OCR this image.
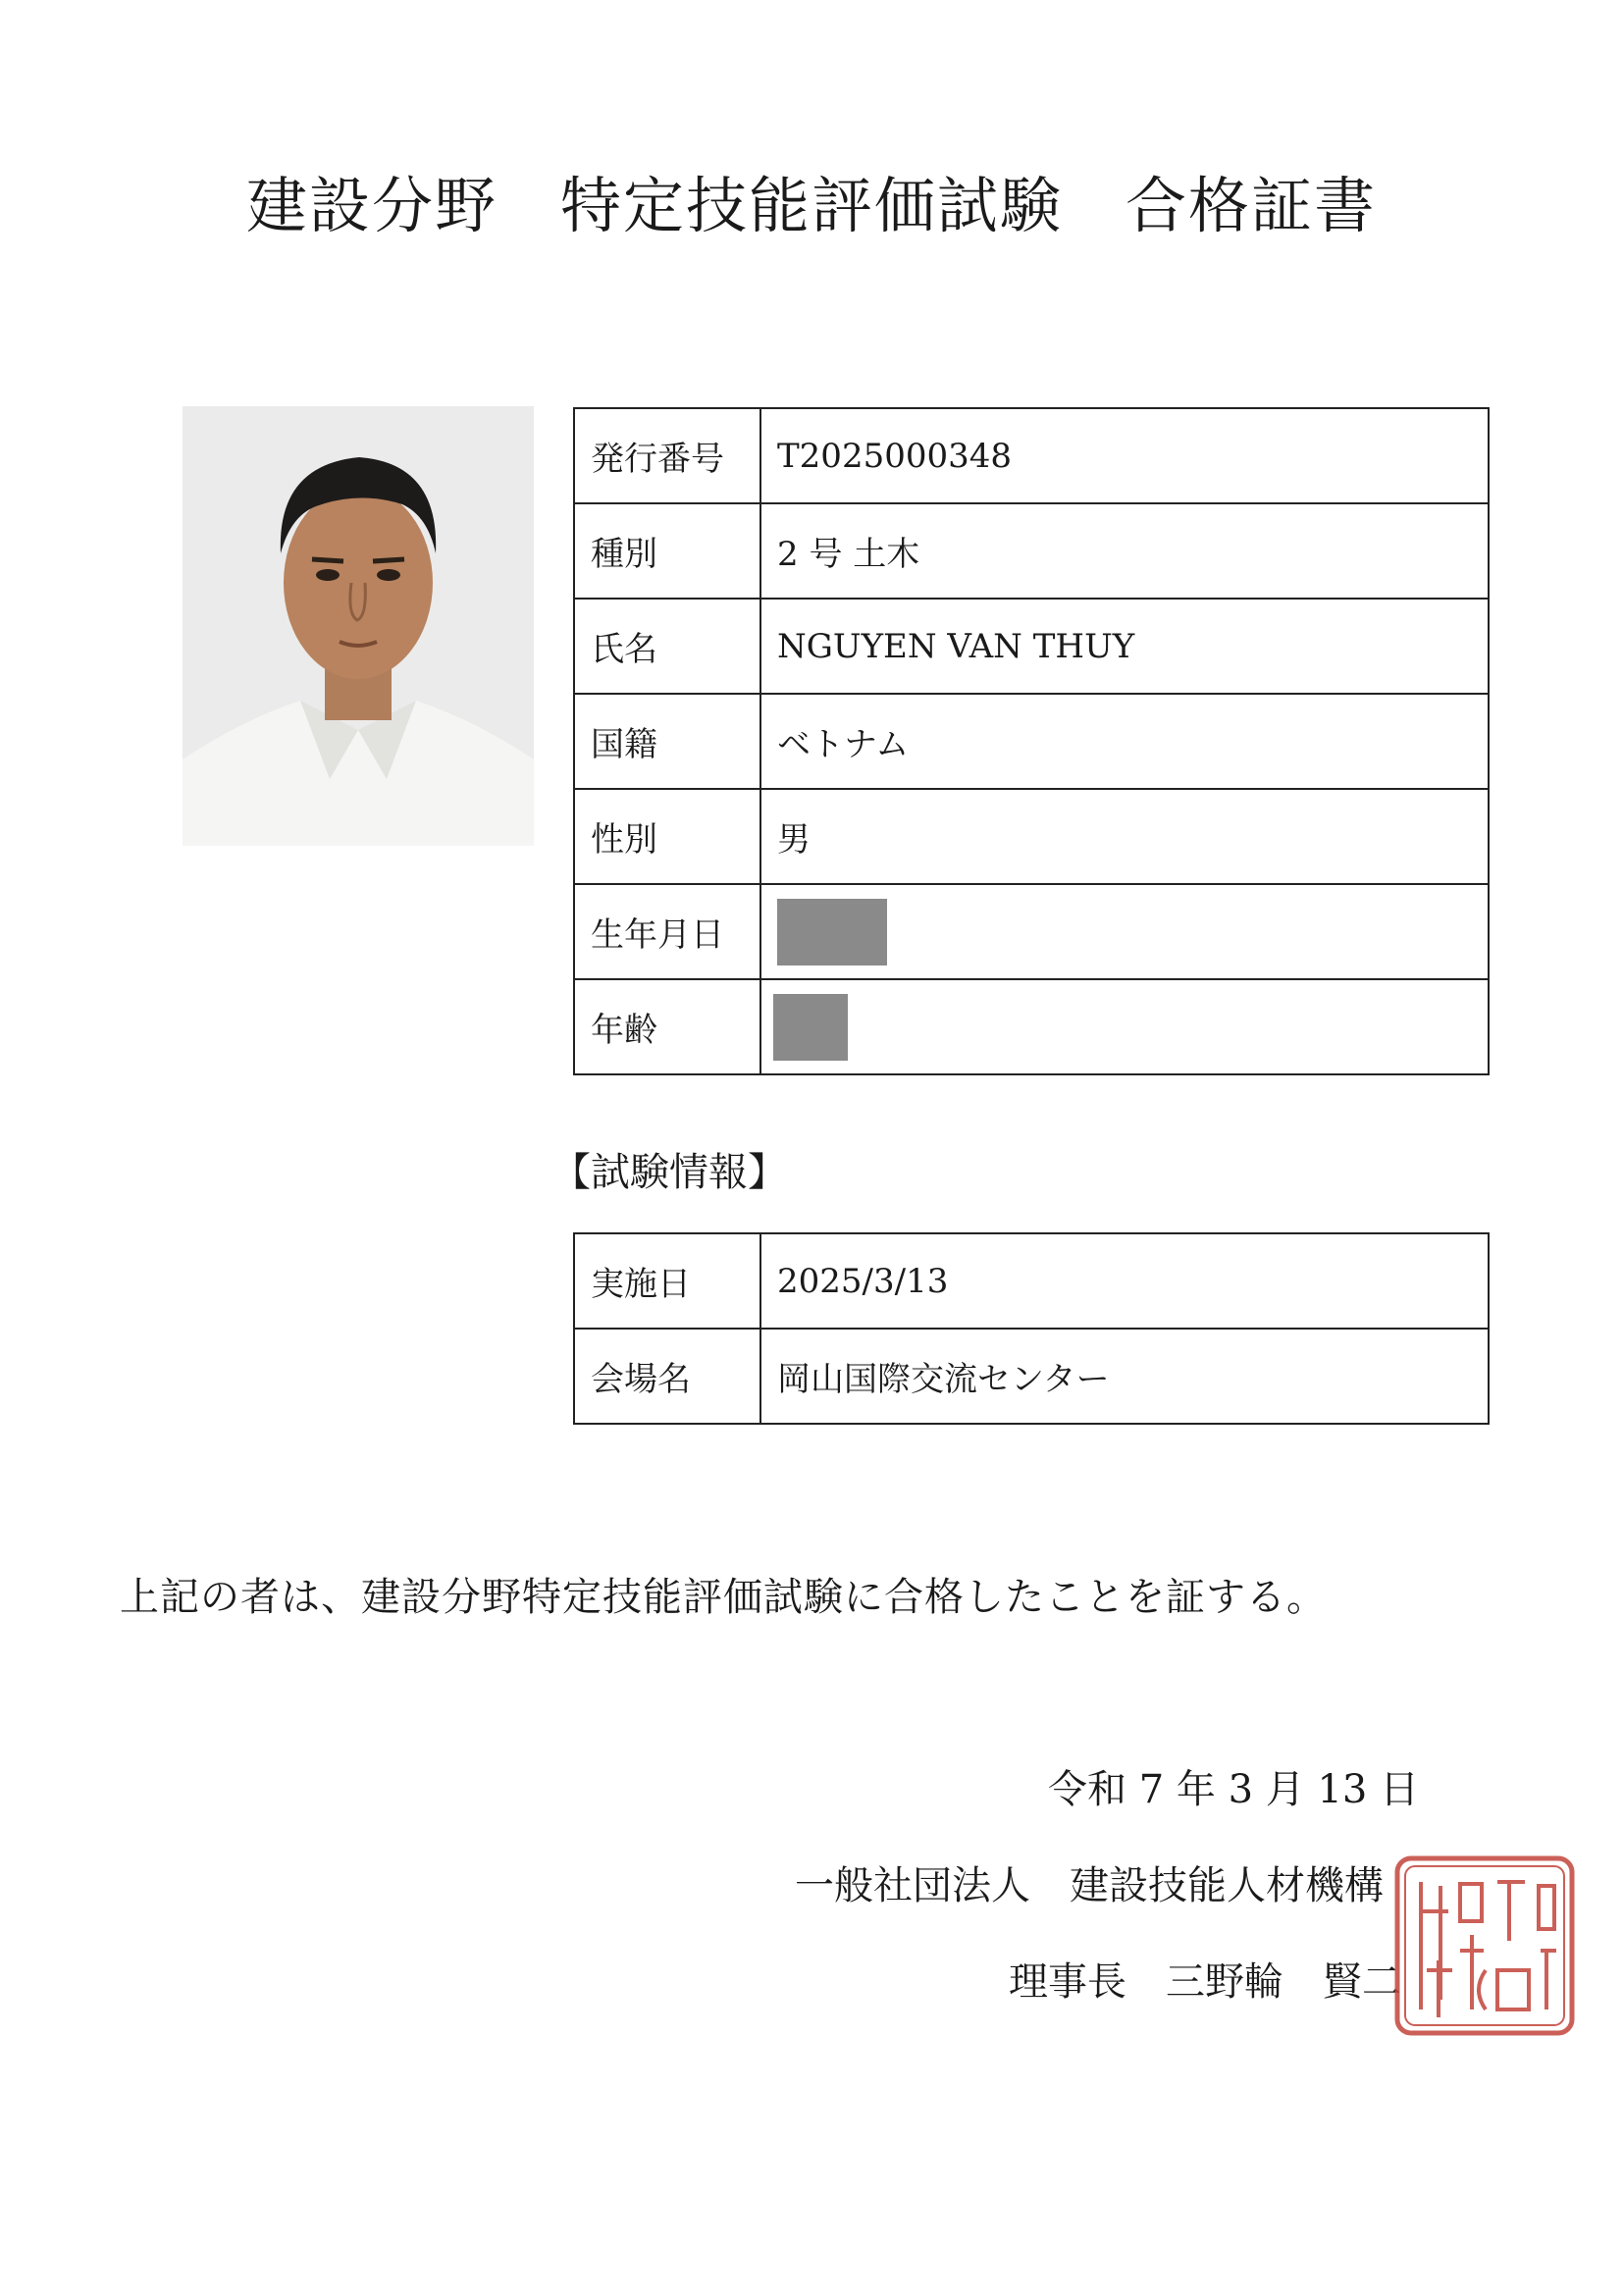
建設分野　特定技能評価試験　合格証書
発行番号	T2025000348
種別	2 号 土木
氏名	NGUYEN VAN THUY
国籍	ベトナム
性別	男
生年月日	
年齢	
【試験情報】
実施日	2025/3/13
会場名	岡山国際交流センター
上記の者は、建設分野特定技能評価試験に合格したことを証する。
令和 7 年 3 月 13 日
一般社団法人　建設技能人材機構
理事長　三野輪　賢二
